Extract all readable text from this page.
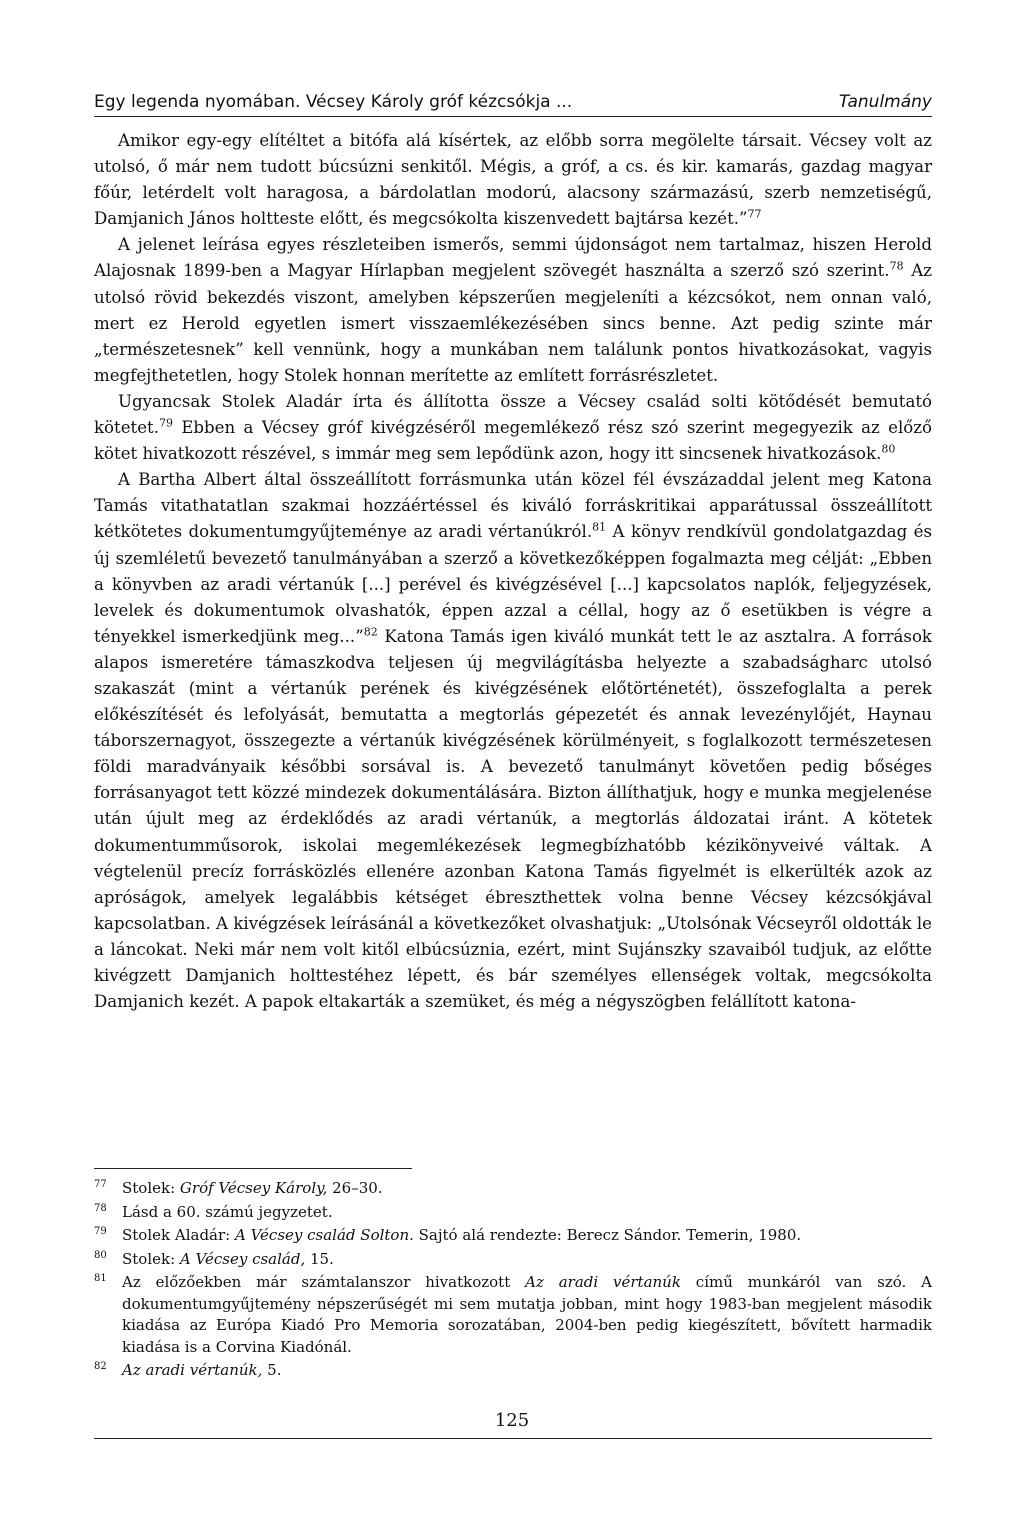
Egy legenda nyomában. Vécsey Károly gróf kézcsókja ...	Tanulmány

Amikor egy-egy elítéltet a bitófa alá kísértek, az előbb sorra megölelte társait. Vécsey volt az utolsó, ő már nem tudott búcsúzni senkitől. Mégis, a gróf, a cs. és kir. kamarás, gazdag magyar főúr, letérdelt volt haragosa, a bárdolatlan modorú, alacsony származású, szerb nemzetiségű, Damjanich János holtteste előtt, és megcsókolta kiszenvedett bajtársa kezét.”$^{77}$

A jelenet leírása egyes részleteiben ismerős, semmi újdonságot nem tartalmaz, hiszen Herold Alajosnak 1899-ben a Magyar Hírlapban megjelent szövegét használta a szerző szó szerint.$^{78}$ Az utolsó rövid bekezdés viszont, amelyben képszerűen megjeleníti a kézcsókot, nem onnan való, mert ez Herold egyetlen ismert visszaemlékezésében sincs benne. Azt pedig szinte már „természetesnek” kell vennünk, hogy a munkában nem találunk pontos hivatkozásokat, vagyis megfejthetetlen, hogy Stolek honnan merítette az említett forrásrészletet.

Ugyancsak Stolek Aladár írta és állította össze a Vécsey család solti kötődését bemutató kötetet.$^{79}$ Ebben a Vécsey gróf kivégzéséről megemlékező rész szó szerint megegyezik az előző kötet hivatkozott részével, s immár meg sem lepődünk azon, hogy itt sincsenek hivatkozások.$^{80}$

A Bartha Albert által összeállított forrásmunka után közel fél évszázaddal jelent meg Katona Tamás vitathatatlan szakmai hozzáértéssel és kiváló forráskritikai apparátussal összeállított kétkötetes dokumentumgyűjteménye az aradi vértanúkról.$^{81}$ A könyv rendkívül gondolatgazdag és új szemléletű bevezető tanulmányában a szerző a következőképpen fogalmazta meg célját: „Ebben a könyvben az aradi vértanúk [...] perével és kivégzésével [...] kapcsolatos naplók, feljegyzések, levelek és dokumentumok olvashatók, éppen azzal a céllal, hogy az ő esetükben is végre a tényekkel ismerkedjünk meg...”$^{82}$ Katona Tamás igen kiváló munkát tett le az asztalra. A források alapos ismeretére támaszkodva teljesen új megvilágításba helyezte a szabadságharc utolsó szakaszát (mint a vértanúk perének és kivégzésének előtörténetét), összefoglalta a perek előkészítését és lefolyását, bemutatta a megtorlás gépezetét és annak levezénylőjét, Haynau táborszernagyot, összegezte a vértanúk kivégzésének körülményeit, s foglalkozott természetesen földi maradványaik későbbi sorsával is. A bevezető tanulmányt követően pedig bőséges forrásanyagot tett közzé mindezek dokumentálására. Bizton állíthatjuk, hogy e munka megjelenése után újult meg az érdeklődés az aradi vértanúk, a megtorlás áldozatai iránt. A kötetek dokumentumműsorok, iskolai megemlékezések legmegbízhatóbb kézikönyveivé váltak. A végtelenül precíz forrásközlés ellenére azonban Katona Tamás figyelmét is elkerülték azok az apróságok, amelyek legalábbis kétséget ébreszthettek volna benne Vécsey kézcsókjával kapcsolatban. A kivégzések leírásánál a következőket olvashatjuk: „Utolsónak Vécseyről oldották le a láncokat. Neki már nem volt kitől elbúcsúznia, ezért, mint Sujánszky szavaiból tudjuk, az előtte kivégzett Damjanich holttestéhez lépett, és bár személyes ellenségek voltak, megcsókolta Damjanich kezét. A papok eltakarták a szemüket, és még a négyszögben felállított katona-

77 Stolek: Gróf Vécsey Károly, 26–30.
78 Lásd a 60. számú jegyzetet.
79 Stolek Aladár: A Vécsey család Solton. Sajtó alá rendezte: Berecz Sándor. Temerin, 1980.
80 Stolek: A Vécsey család, 15.
81 Az előzőekben már számtalanszor hivatkozott Az aradi vértanúk című munkáról van szó. A dokumentumgyűjtemény népszerűségét mi sem mutatja jobban, mint hogy 1983-ban megjelent második kiadása az Európa Kiadó Pro Memoria sorozatában, 2004-ben pedig kiegészített, bővített harmadik kiadása is a Corvina Kiadónál.
82 Az aradi vértanúk, 5.
125
